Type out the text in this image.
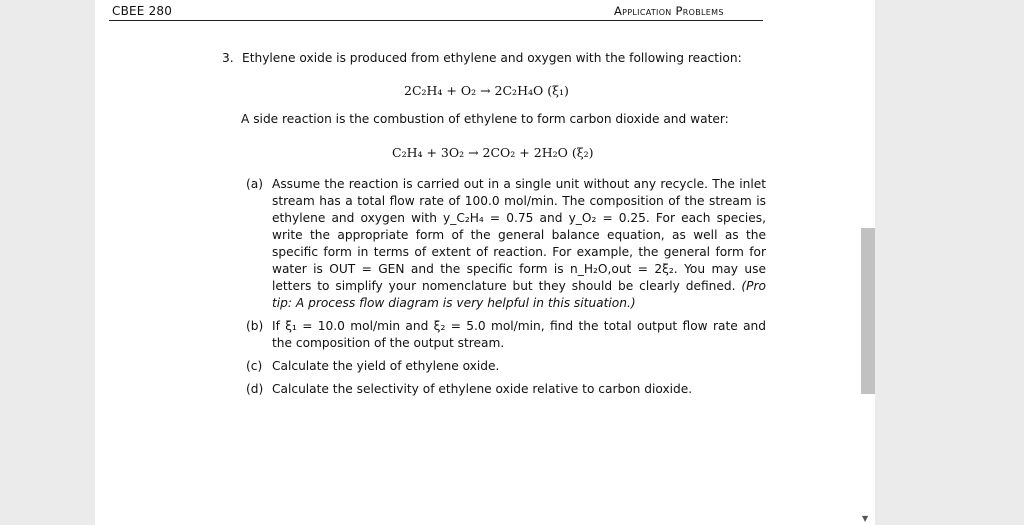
CBEE 280	Application Problems
3. Ethylene oxide is produced from ethylene and oxygen with the following reaction:
2C₂H₄ + O₂ → 2C₂H₄O (ξ₁)
A side reaction is the combustion of ethylene to form carbon dioxide and water:
C₂H₄ + 3O₂ → 2CO₂ + 2H₂O (ξ₂)
(a) Assume the reaction is carried out in a single unit without any recycle. The inlet stream has a total flow rate of 100.0 mol/min. The composition of the stream is ethylene and oxygen with y_C₂H₄ = 0.75 and y_O₂ = 0.25. For each species, write the appropriate form of the general balance equation, as well as the specific form in terms of extent of reaction. For example, the general form for water is OUT = GEN and the specific form is n_H₂O,out = 2ξ₂. You may use letters to simplify your nomenclature but they should be clearly defined. (Pro tip: A process flow diagram is very helpful in this situation.)
(b) If ξ₁ = 10.0 mol/min and ξ₂ = 5.0 mol/min, find the total output flow rate and the composition of the output stream.
(c) Calculate the yield of ethylene oxide.
(d) Calculate the selectivity of ethylene oxide relative to carbon dioxide.
▼
